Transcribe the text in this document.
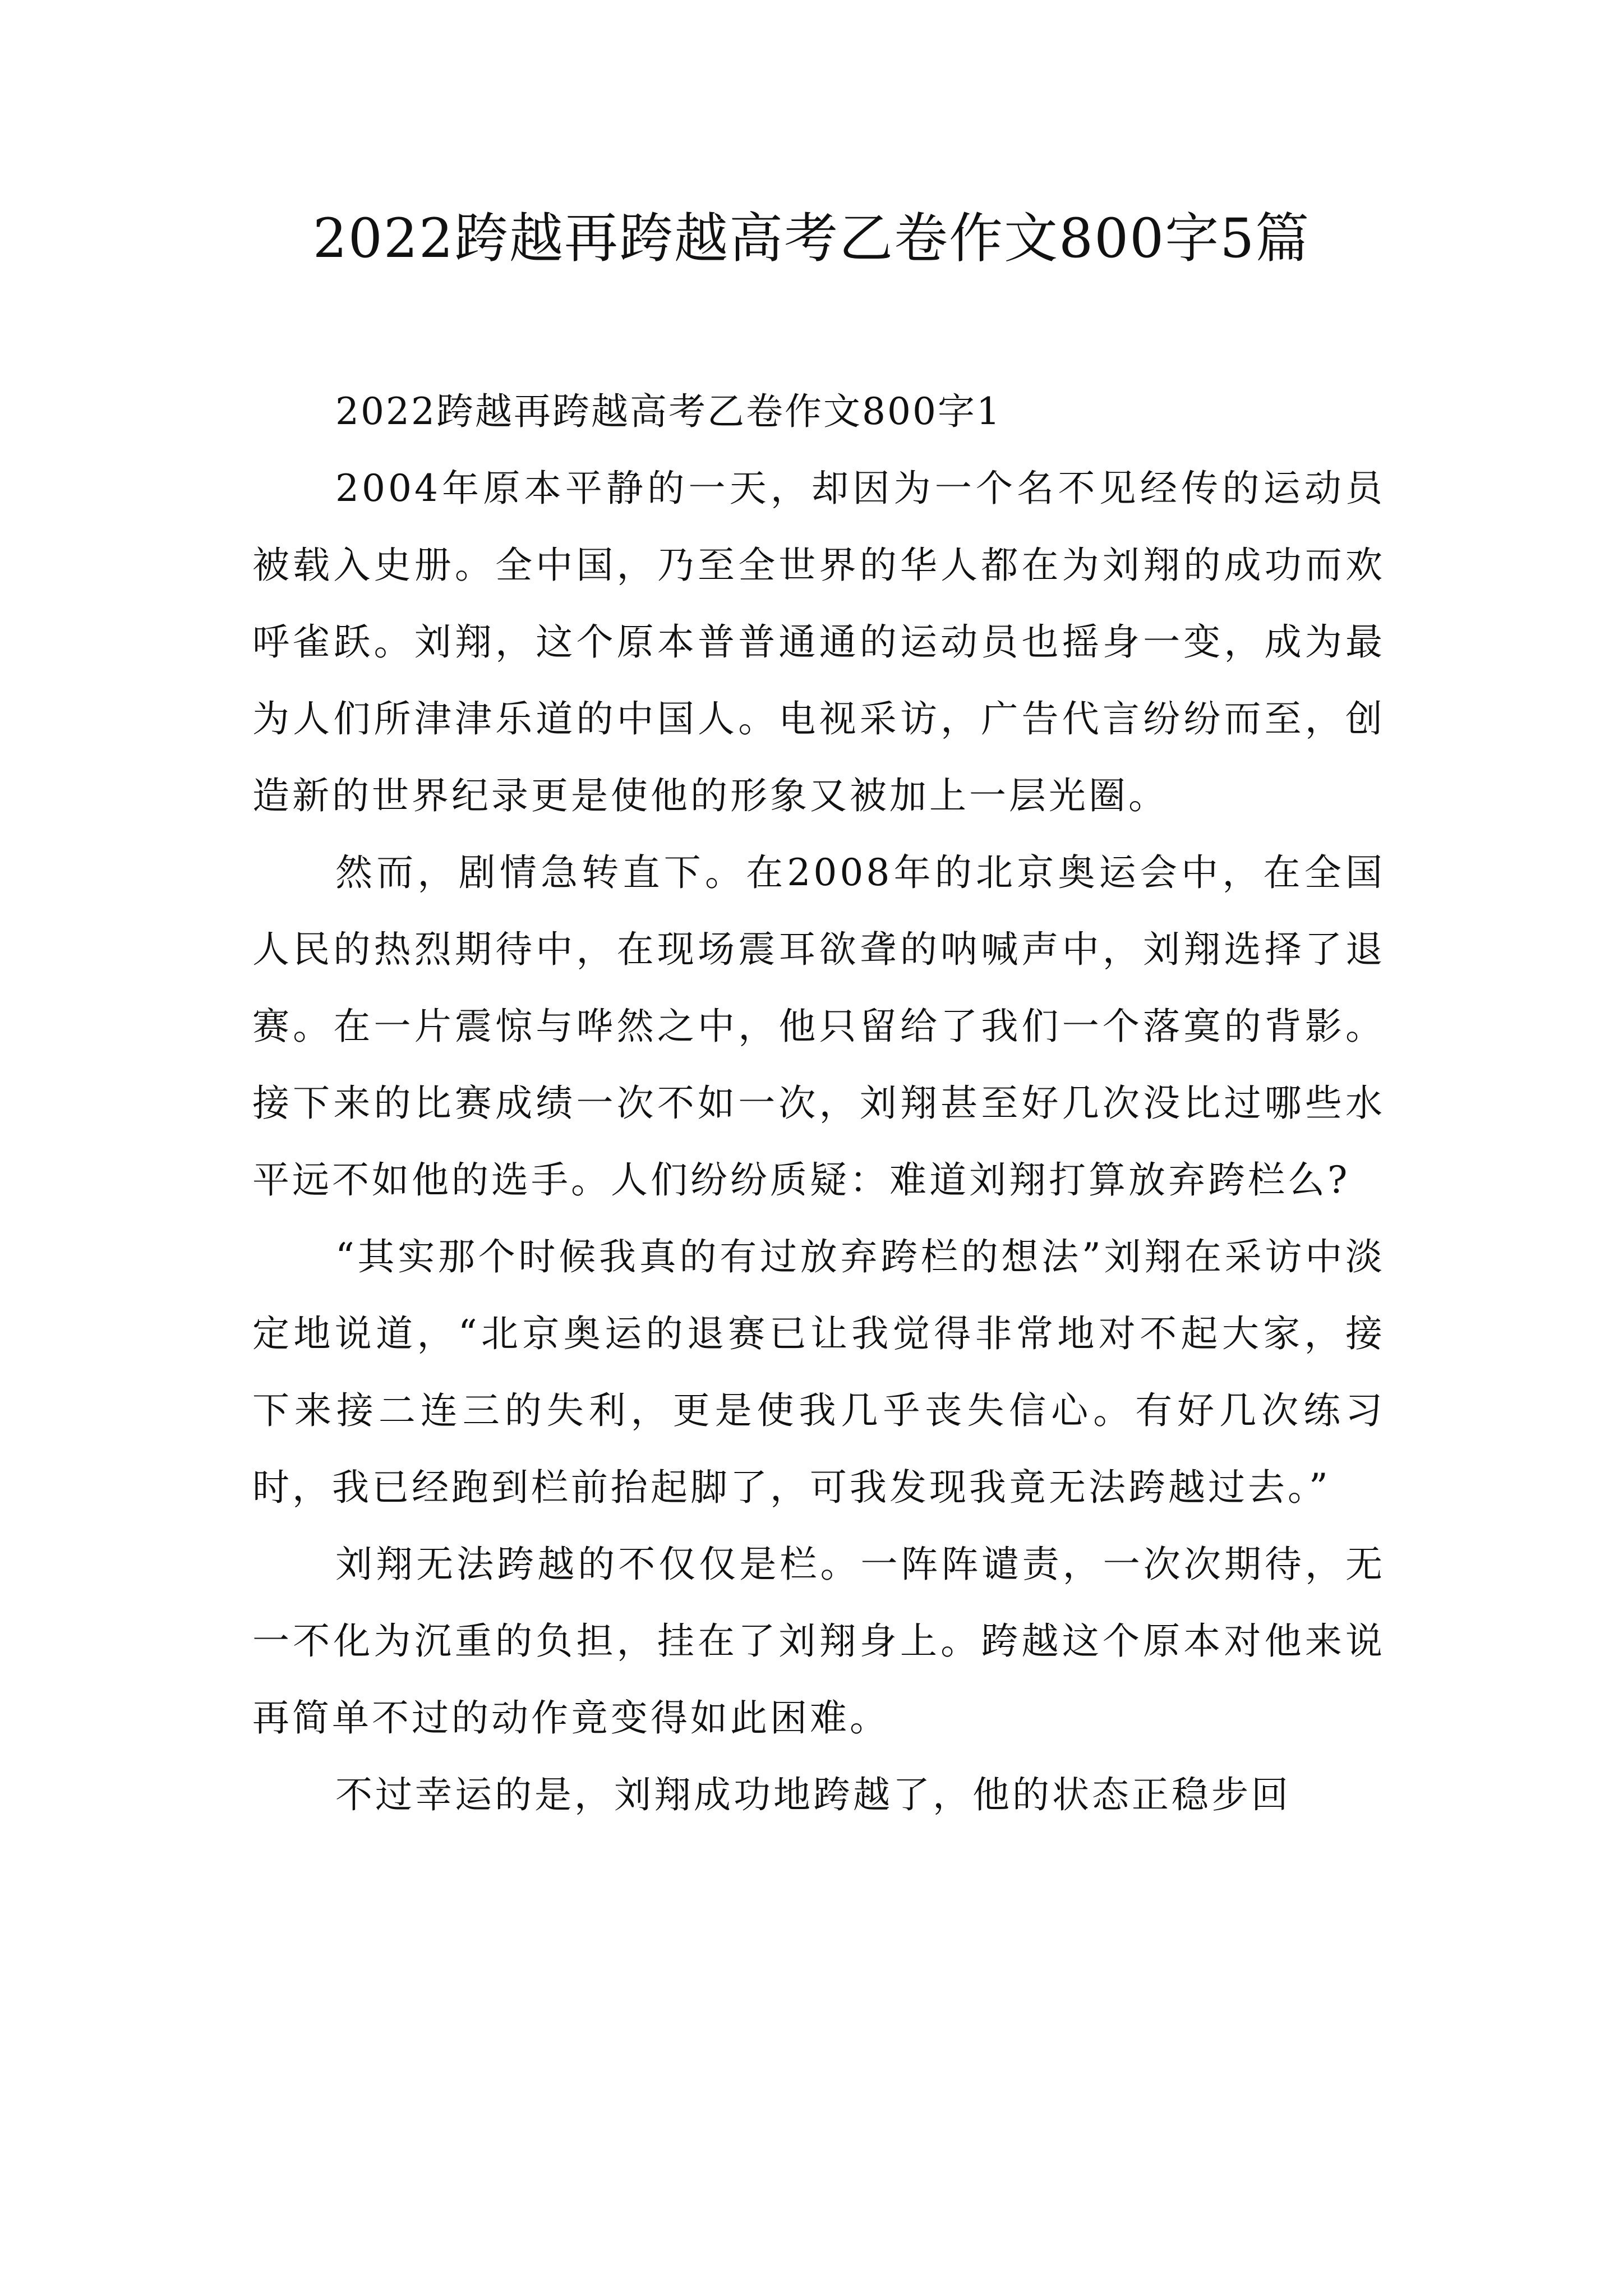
2022跨越再跨越高考乙卷作文800字5篇

2022跨越再跨越高考乙卷作文800字1

2004年原本平静的一天，却因为一个名不见经传的运动员被载入史册。全中国，乃至全世界的华人都在为刘翔的成功而欢呼雀跃。刘翔，这个原本普普通通的运动员也摇身一变，成为最为人们所津津乐道的中国人。电视采访，广告代言纷纷而至，创造新的世界纪录更是使他的形象又被加上一层光圈。

然而，剧情急转直下。在2008年的北京奥运会中，在全国人民的热烈期待中，在现场震耳欲聋的呐喊声中，刘翔选择了退赛。在一片震惊与哗然之中，他只留给了我们一个落寞的背影。接下来的比赛成绩一次不如一次，刘翔甚至好几次没比过哪些水平远不如他的选手。人们纷纷质疑：难道刘翔打算放弃跨栏么?

“其实那个时候我真的有过放弃跨栏的想法”刘翔在采访中淡定地说道，“北京奥运的退赛已让我觉得非常地对不起大家，接下来接二连三的失利，更是使我几乎丧失信心。有好几次练习时，我已经跑到栏前抬起脚了，可我发现我竟无法跨越过去。”

刘翔无法跨越的不仅仅是栏。一阵阵谴责，一次次期待，无一不化为沉重的负担，挂在了刘翔身上。跨越这个原本对他来说再简单不过的动作竟变得如此困难。

不过幸运的是，刘翔成功地跨越了，他的状态正稳步回
